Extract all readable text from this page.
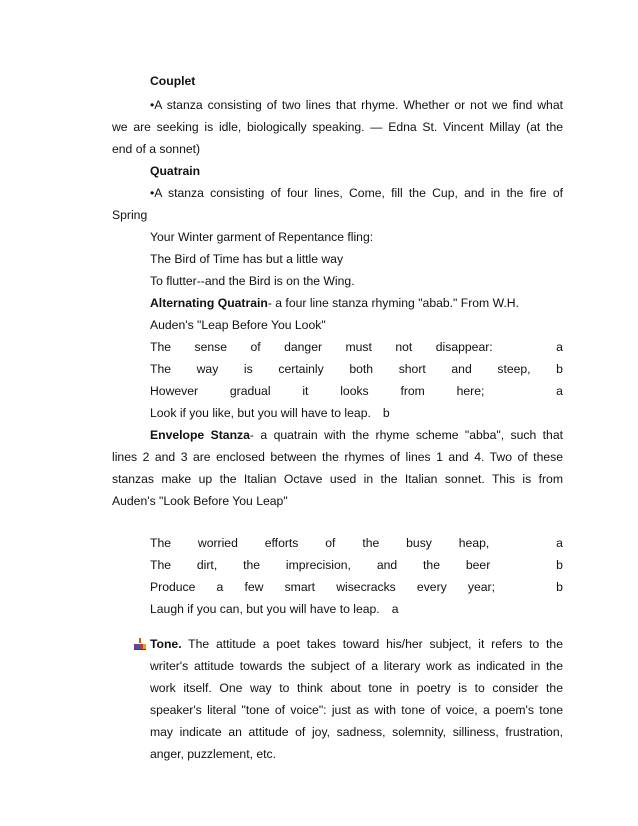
Couplet
•A stanza consisting of two lines that rhyme. Whether or not we find what
we are seeking is idle, biologically speaking. — Edna St. Vincent Millay (at the
end of a sonnet)
Quatrain
•A stanza consisting of four lines, Come, fill the Cup, and in the fire of
Spring
Your Winter garment of Repentance fling:
The Bird of Time has but a little way
To flutter--and the Bird is on the Wing.
Alternating Quatrain- a four line stanza rhyming "abab." From W.H.
Auden's "Leap Before You Look"
The sense of danger must not disappear:	a
The way is certainly both short and steep, b
However	gradual	it	looks	from	here;	a
Look if you like, but you will have to leap. b
Envelope Stanza- a quatrain with the rhyme scheme "abba", such that
lines 2 and 3 are enclosed between the rhymes of lines 1 and 4. Two of these
stanzas make up the Italian Octave used in the Italian sonnet. This is from
Auden's "Look Before You Leap"
The worried efforts of the busy heap,	a
The dirt, the imprecision, and the beer	b
Produce a few smart wisecracks every year;	b
Laugh if you can, but you will have to leap. a
Tone. The attitude a poet takes toward his/her subject, it refers to the
writer's attitude towards the subject of a literary work as indicated in the
work itself. One way to think about tone in poetry is to consider the
speaker's literal "tone of voice": just as with tone of voice, a poem's tone
may indicate an attitude of joy, sadness, solemnity, silliness, frustration,
anger, puzzlement, etc.
